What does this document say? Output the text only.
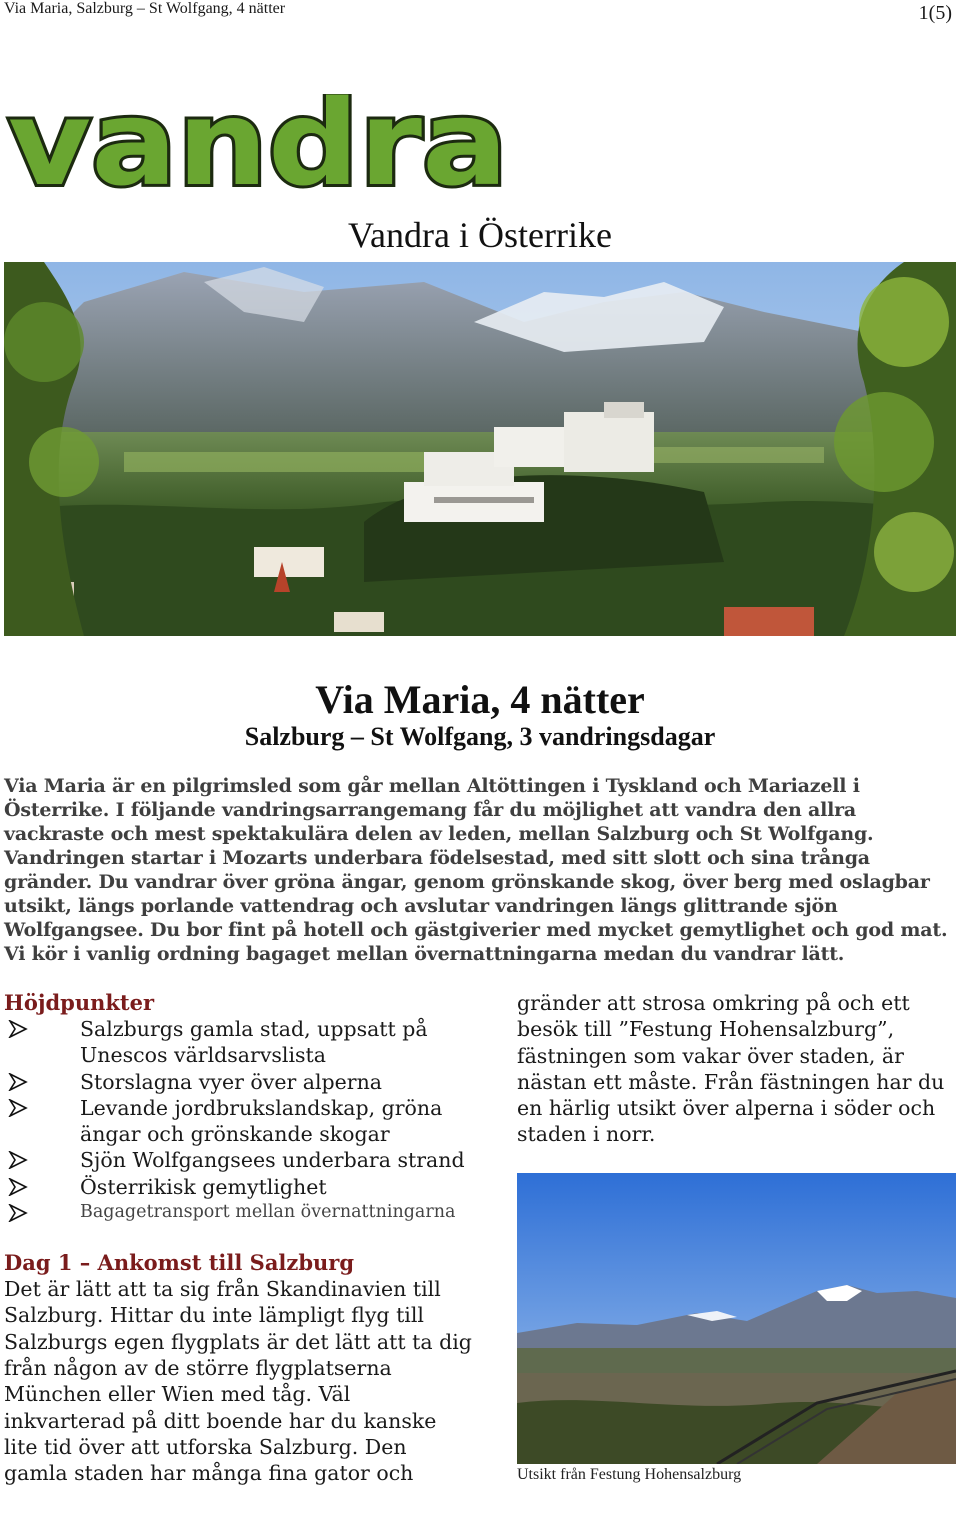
Via Maria, Salzburg – St Wolfgang, 4 nätter	1(5)
vandra
Vandra i Österrike
Via Maria, 4 nätter
Salzburg – St Wolfgang, 3 vandringsdagar

Via Maria är en pilgrimsled som går mellan Altöttingen i Tyskland och Mariazell i Österrike. I följande vandringsarrangemang får du möjlighet att vandra den allra vackraste och mest spektakulära delen av leden, mellan Salzburg och St Wolfgang. Vandringen startar i Mozarts underbara födelsestad, med sitt slott och sina trånga gränder. Du vandrar över gröna ängar, genom grönskande skog, över berg med oslagbar utsikt, längs porlande vattendrag och avslutar vandringen längs glittrande sjön Wolfgangsee. Du bor fint på hotell och gästgiverier med mycket gemytlighet och god mat. Vi kör i vanlig ordning bagaget mellan övernattningarna medan du vandrar lätt.

Höjdpunkter
Salzburgs gamla stad, uppsatt på Unescos världsarvslista
Storslagna vyer över alperna
Levande jordbrukslandskap, gröna ängar och grönskande skogar
Sjön Wolfgangsees underbara strand
Österrikisk gemytlighet
Bagagetransport mellan övernattningarna
Dag 1 – Ankomst till Salzburg

Det är lätt att ta sig från Skandinavien till Salzburg. Hittar du inte lämpligt flyg till Salzburgs egen flygplats är det lätt att ta dig från någon av de större flygplatserna München eller Wien med tåg. Väl inkvarterad på ditt boende har du kanske lite tid över att utforska Salzburg. Den gamla staden har många fina gator och

gränder att strosa omkring på och ett besök till ”Festung Hohensalzburg”, fästningen som vakar över staden, är nästan ett måste. Från fästningen har du en härlig utsikt över alperna i söder och staden i norr.

Utsikt från Festung Hohensalzburg
